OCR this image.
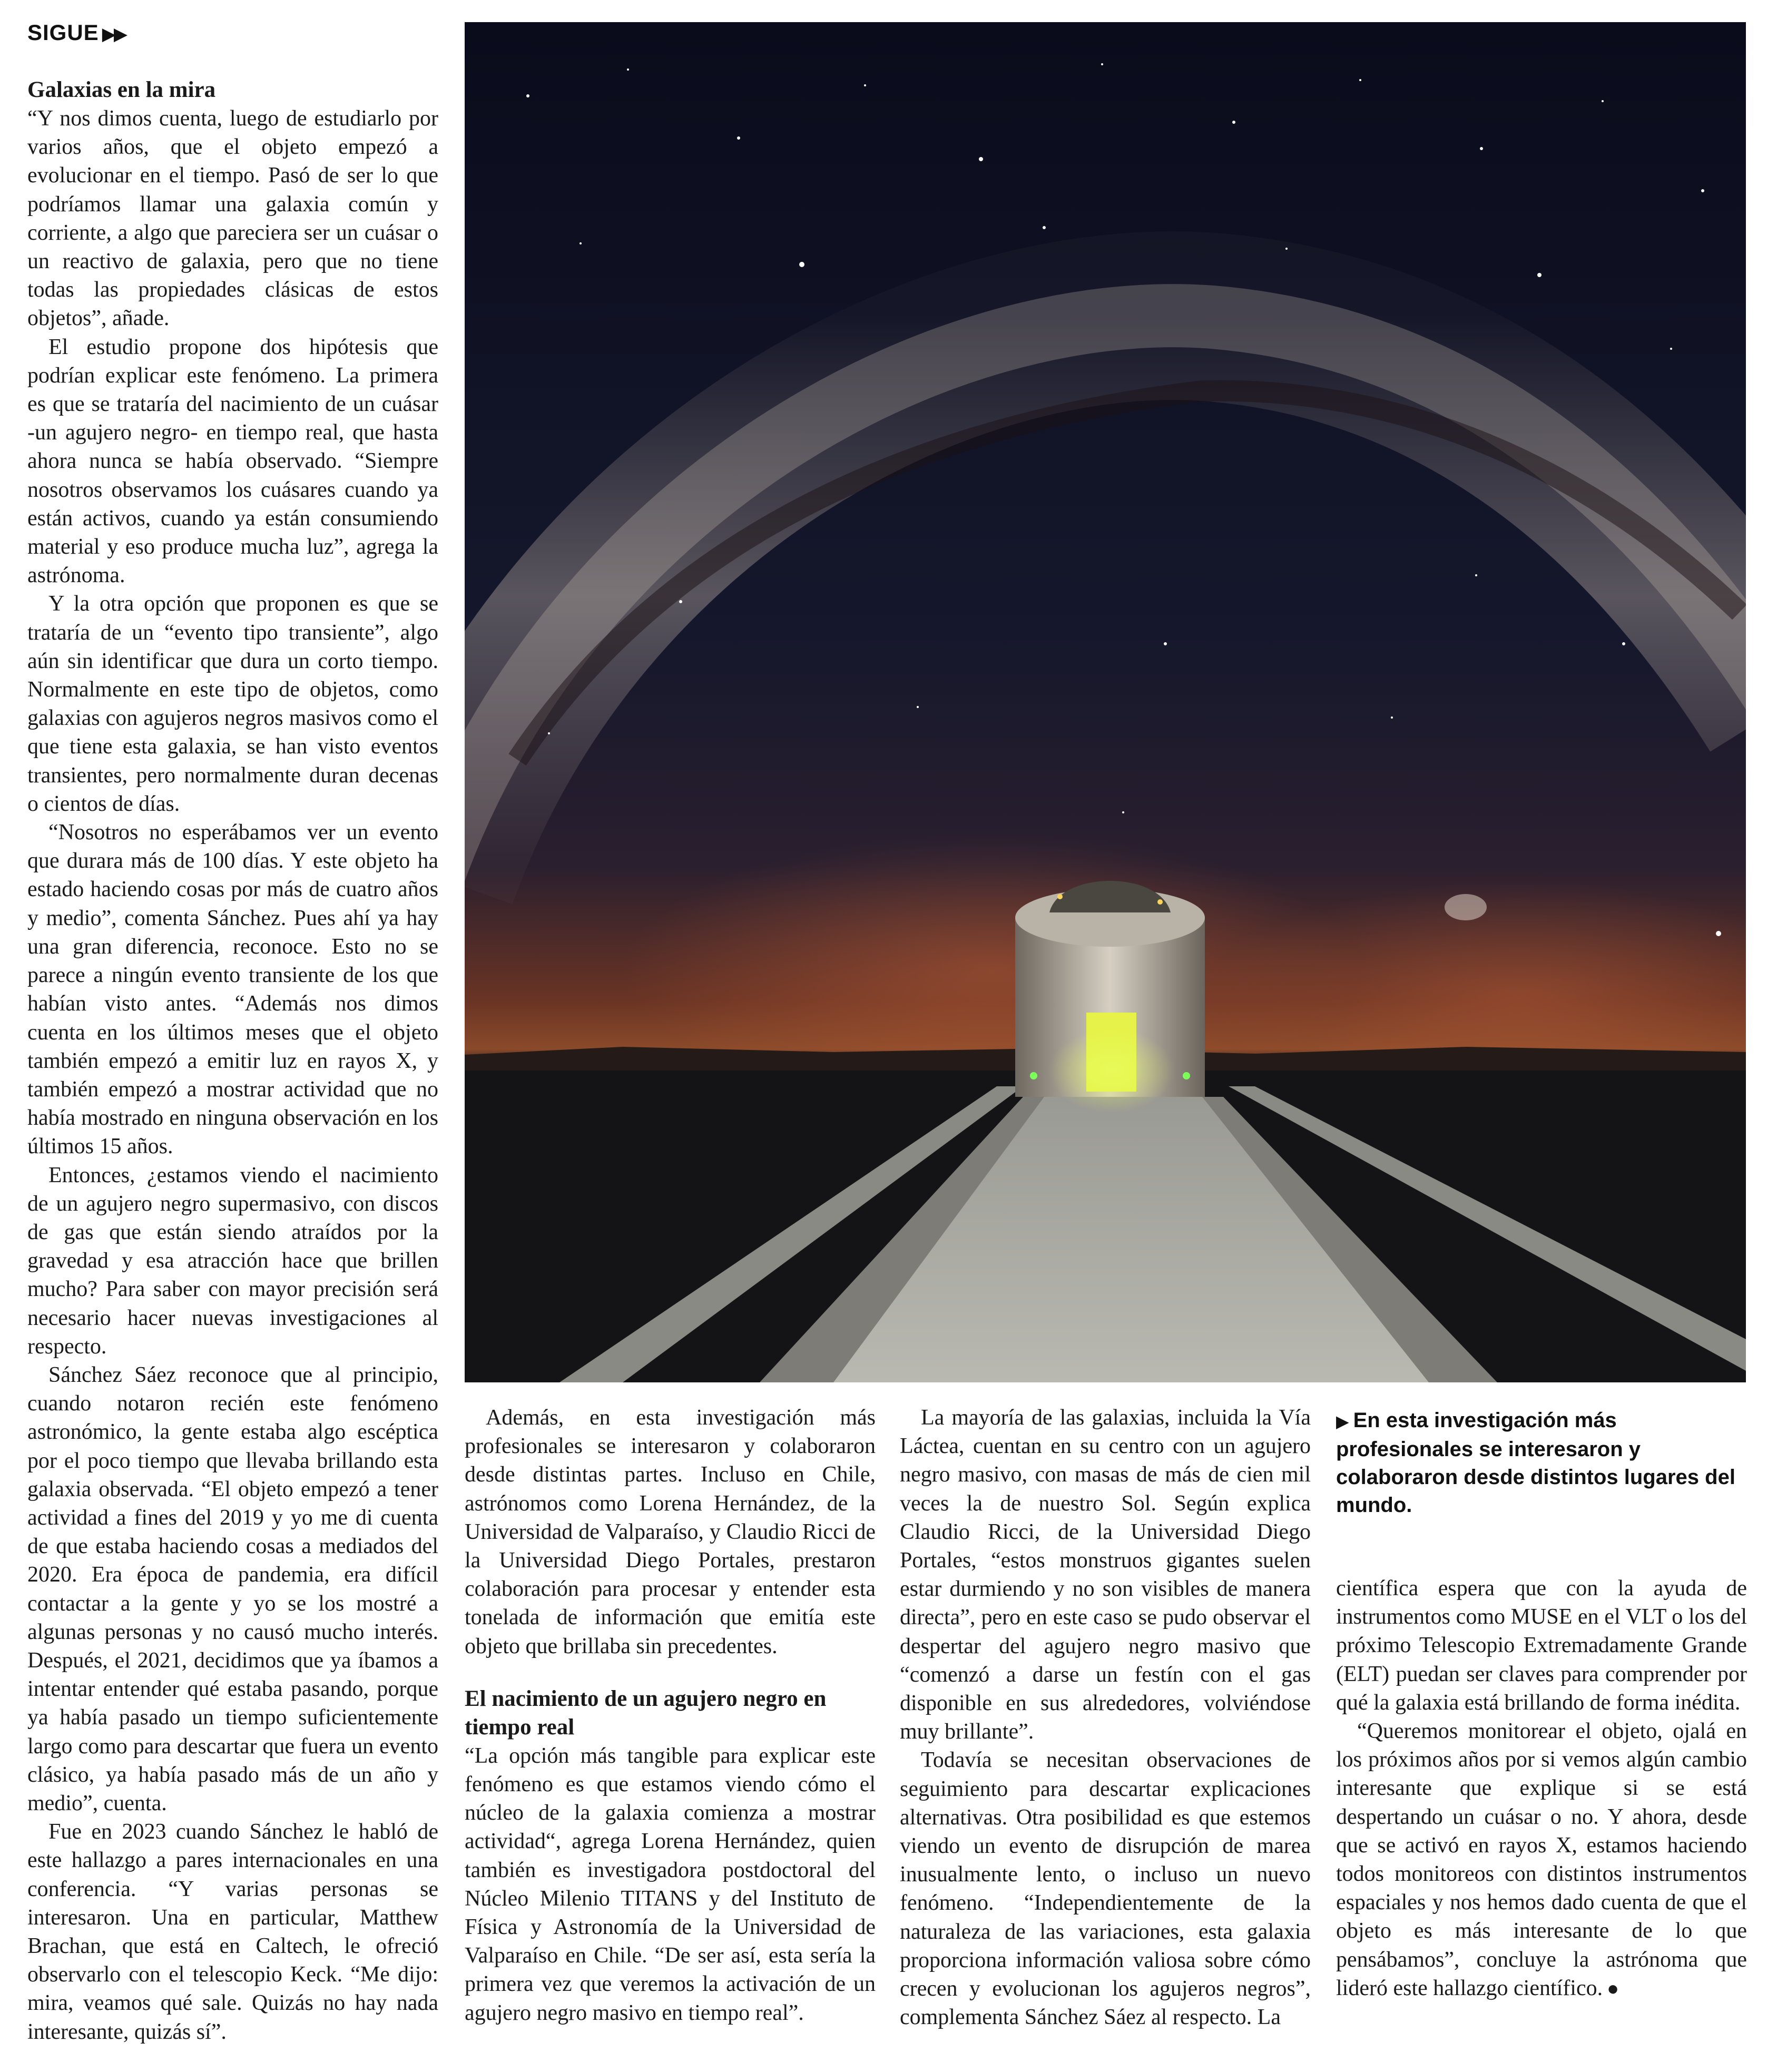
SIGUE ▶▶

Galaxias en la mira

“Y nos dimos cuenta, luego de estudiarlo por varios años, que el objeto empezó a evolucionar en el tiempo. Pasó de ser lo que podríamos llamar una galaxia común y corriente, a algo que pareciera ser un cuásar o un reactivo de galaxia, pero que no tiene todas las propiedades clásicas de estos objetos”, añade.

El estudio propone dos hipótesis que podrían explicar este fenómeno. La primera es que se trataría del nacimiento de un cuásar -un agujero negro- en tiempo real, que hasta ahora nunca se había observado. “Siempre nosotros observamos los cuásares cuando ya están activos, cuando ya están consumiendo material y eso produce mucha luz”, agrega la astrónoma.

Y la otra opción que proponen es que se trataría de un “evento tipo transiente”, algo aún sin identificar que dura un corto tiempo. Normalmente en este tipo de objetos, como galaxias con agujeros negros masivos como el que tiene esta galaxia, se han visto eventos transientes, pero normalmente duran decenas o cientos de días.

“Nosotros no esperábamos ver un evento que durara más de 100 días. Y este objeto ha estado haciendo cosas por más de cuatro años y medio”, comenta Sánchez. Pues ahí ya hay una gran diferencia, reconoce. Esto no se parece a ningún evento transiente de los que habían visto antes. “Además nos dimos cuenta en los últimos meses que el objeto también empezó a emitir luz en rayos X, y también empezó a mostrar actividad que no había mostrado en ninguna observación en los últimos 15 años.

Entonces, ¿estamos viendo el nacimiento de un agujero negro supermasivo, con discos de gas que están siendo atraídos por la gravedad y esa atracción hace que brillen mucho? Para saber con mayor precisión será necesario hacer nuevas investigaciones al respecto.

Sánchez Sáez reconoce que al principio, cuando notaron recién este fenómeno astronómico, la gente estaba algo escéptica por el poco tiempo que llevaba brillando esta galaxia observada. “El objeto empezó a tener actividad a fines del 2019 y yo me di cuenta de que estaba haciendo cosas a mediados del 2020. Era época de pandemia, era difícil contactar a la gente y yo se los mostré a algunas personas y no causó mucho interés. Después, el 2021, decidimos que ya íbamos a intentar entender qué estaba pasando, porque ya había pasado un tiempo suficientemente largo como para descartar que fuera un evento clásico, ya había pasado más de un año y medio”, cuenta.

Fue en 2023 cuando Sánchez le habló de este hallazgo a pares internacionales en una conferencia. “Y varias personas se interesaron. Una en particular, Matthew Brachan, que está en Caltech, le ofreció observarlo con el telescopio Keck. “Me dijo: mira, veamos qué sale. Quizás no hay nada interesante, quizás sí”.

▶ En esta investigación más profesionales se interesaron y colaboraron desde distintos lugares del mundo.

Además, en esta investigación más profesionales se interesaron y colaboraron desde distintas partes. Incluso en Chile, astrónomos como Lorena Hernández, de la Universidad de Valparaíso, y Claudio Ricci de la Universidad Diego Portales, prestaron colaboración para procesar y entender esta tonelada de información que emitía este objeto que brillaba sin precedentes.

El nacimiento de un agujero negro en tiempo real

“La opción más tangible para explicar este fenómeno es que estamos viendo cómo el núcleo de la galaxia comienza a mostrar actividad“, agrega Lorena Hernández, quien también es investigadora postdoctoral del Núcleo Milenio TITANS y del Instituto de Física y Astronomía de la Universidad de Valparaíso en Chile. “De ser así, esta sería la primera vez que veremos la activación de un agujero negro masivo en tiempo real”.

La mayoría de las galaxias, incluida la Vía Láctea, cuentan en su centro con un agujero negro masivo, con masas de más de cien mil veces la de nuestro Sol. Según explica Claudio Ricci, de la Universidad Diego Portales, “estos monstruos gigantes suelen estar durmiendo y no son visibles de manera directa”, pero en este caso se pudo observar el despertar del agujero negro masivo que “comenzó a darse un festín con el gas disponible en sus alrededores, volviéndose muy brillante”.

Todavía se necesitan observaciones de seguimiento para descartar explicaciones alternativas. Otra posibilidad es que estemos viendo un evento de disrupción de marea inusualmente lento, o incluso un nuevo fenómeno. “Independientemente de la naturaleza de las variaciones, esta galaxia proporciona información valiosa sobre cómo crecen y evolucionan los agujeros negros”, complementa Sánchez Sáez al respecto. La

científica espera que con la ayuda de instrumentos como MUSE en el VLT o los del próximo Telescopio Extremadamente Grande (ELT) puedan ser claves para comprender por qué la galaxia está brillando de forma inédita.

“Queremos monitorear el objeto, ojalá en los próximos años por si vemos algún cambio interesante que explique si se está despertando un cuásar o no. Y ahora, desde que se activó en rayos X, estamos haciendo todos monitoreos con distintos instrumentos espaciales y nos hemos dado cuenta de que el objeto es más interesante de lo que pensábamos”, concluye la astrónoma que lideró este hallazgo científico. ●
